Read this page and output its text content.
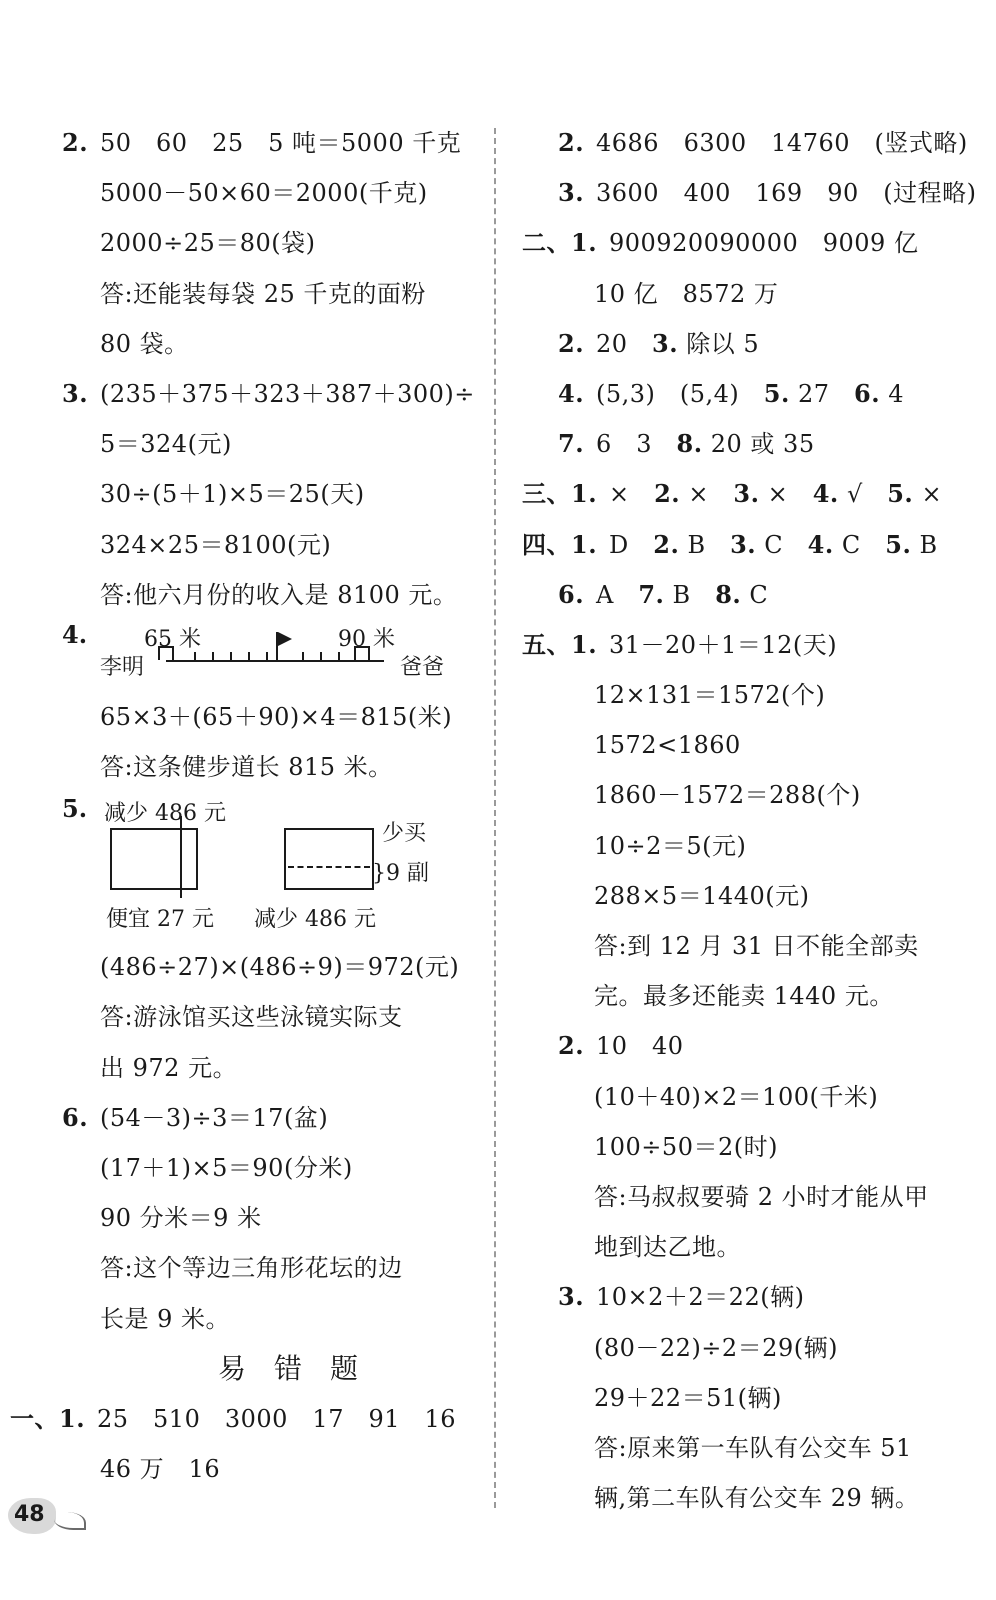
2. 50　60　25　5 吨＝5000 千克
5000－50×60＝2000(千克)
2000÷25＝80(袋)
答:还能装每袋 25 千克的面粉
80 袋。
3. (235＋375＋323＋387＋300)÷
5＝324(元)
30÷(5＋1)×5＝25(天)
324×25＝8100(元)
答:他六月份的收入是 8100 元。
4.	65 米	90 米
李明	爸爸
65×3＋(65＋90)×4＝815(米)
答:这条健步道长 815 米。
5. 减少 486 元
便宜 27 元
少买
}9 副
减少 486 元
(486÷27)×(486÷9)＝972(元)
答:游泳馆买这些泳镜实际支
出 972 元。
6. (54－3)÷3＝17(盆)
(17＋1)×5＝90(分米)
90 分米＝9 米
答:这个等边三角形花坛的边
长是 9 米。
易错题
一、1. 25　510　3000　17　91　16
46 万　16
2. 4686　6300　14760　(竖式略)
3. 3600　400　169　90　(过程略)
二、1. 900920090000　9009 亿
10 亿　8572 万
2. 20　3. 除以 5
4. (5,3)　(5,4)　5. 27　6. 4
7. 6　3　8. 20 或 35
三、1. ×　2. ×　3. ×　4. √　5. ×
四、1. D　2. B　3. C　4. C　5. B
6. A　7. B　8. C
五、1. 31－20＋1＝12(天)
12×131＝1572(个)
1572<1860
1860－1572＝288(个)
10÷2＝5(元)
288×5＝1440(元)
答:到 12 月 31 日不能全部卖
完。最多还能卖 1440 元。
2. 10　40
(10＋40)×2＝100(千米)
100÷50＝2(时)
答:马叔叔要骑 2 小时才能从甲
地到达乙地。
3. 10×2＋2＝22(辆)
(80－22)÷2＝29(辆)
29＋22＝51(辆)
答:原来第一车队有公交车 51
辆,第二车队有公交车 29 辆。
48
